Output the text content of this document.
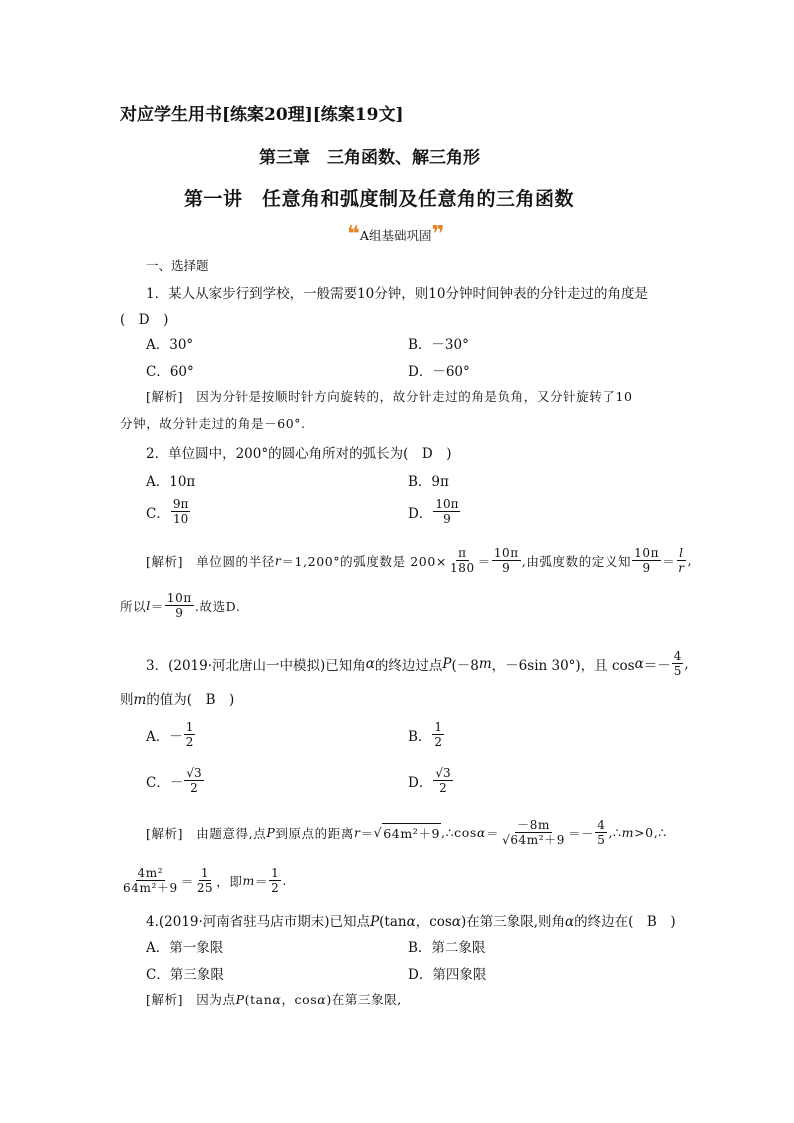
对应学生用书[练案20理][练案19文]
第三章　三角函数、解三角形
第一讲　任意角和弧度制及任意角的三角函数
❝ A组基础巩固 ❞
一、选择题
1．某人从家步行到学校，一般需要10分钟，则10分钟时间钟表的分针走过的角度是
(　D　)
A．30°	B．－30°
C．60°	D．－60°
[解析]　因为分针是按顺时针方向旋转的，故分针走过的角是负角，又分针旋转了10
分钟，故分针走过的角是－60°.
2．单位圆中，200°的圆心角所对的弧长为(　D　)
A．10π	B．9π
C． $\frac{9\pi}{10}$	D． $\frac{10\pi}{9}$
[解析]　单位圆的半径 r ＝1,200°的弧度数是 $200\times \frac{\pi}{180} = \frac{10\pi}{9}$ ,由弧度数的定义知 $\frac{10\pi}{9} = \frac{l}{r}$ ,
所以 $l = \frac{10\pi}{9}$ .故选D.
3．(2019·河北唐山一中模拟)已知角 α 的终边过点 P (－8 m ，－6sin 30°)，且 $\cos \alpha =- \frac{4}{5}$ ,
则m的值为(　B　)
A．－ $\frac{1}{2}$	B． $\frac{1}{2}$
C．－ $\frac{√3}{2}$	D． $\frac{√3}{2}$
[解析]　由题意得,点 P 到原点的距离 r ＝ √ 64m²＋9 ,∴cos $\alpha = \frac{-8m}{\text{√64m²＋9}} =- \frac{4}{5}$ ,∴ m >0,∴
$\frac{\text{4m²}}{\text{64m²＋9}} = \frac{1}{25}$ ，即 $m = \frac{1}{2}$ .
4.(2019·河南省驻马店市期末)已知点P(tanα，cosα)在第三象限,则角α的终边在(　B　)
A．第一象限	B．第二象限
C．第三象限	D．第四象限
[解析]　因为点P(tanα，cosα)在第三象限,
